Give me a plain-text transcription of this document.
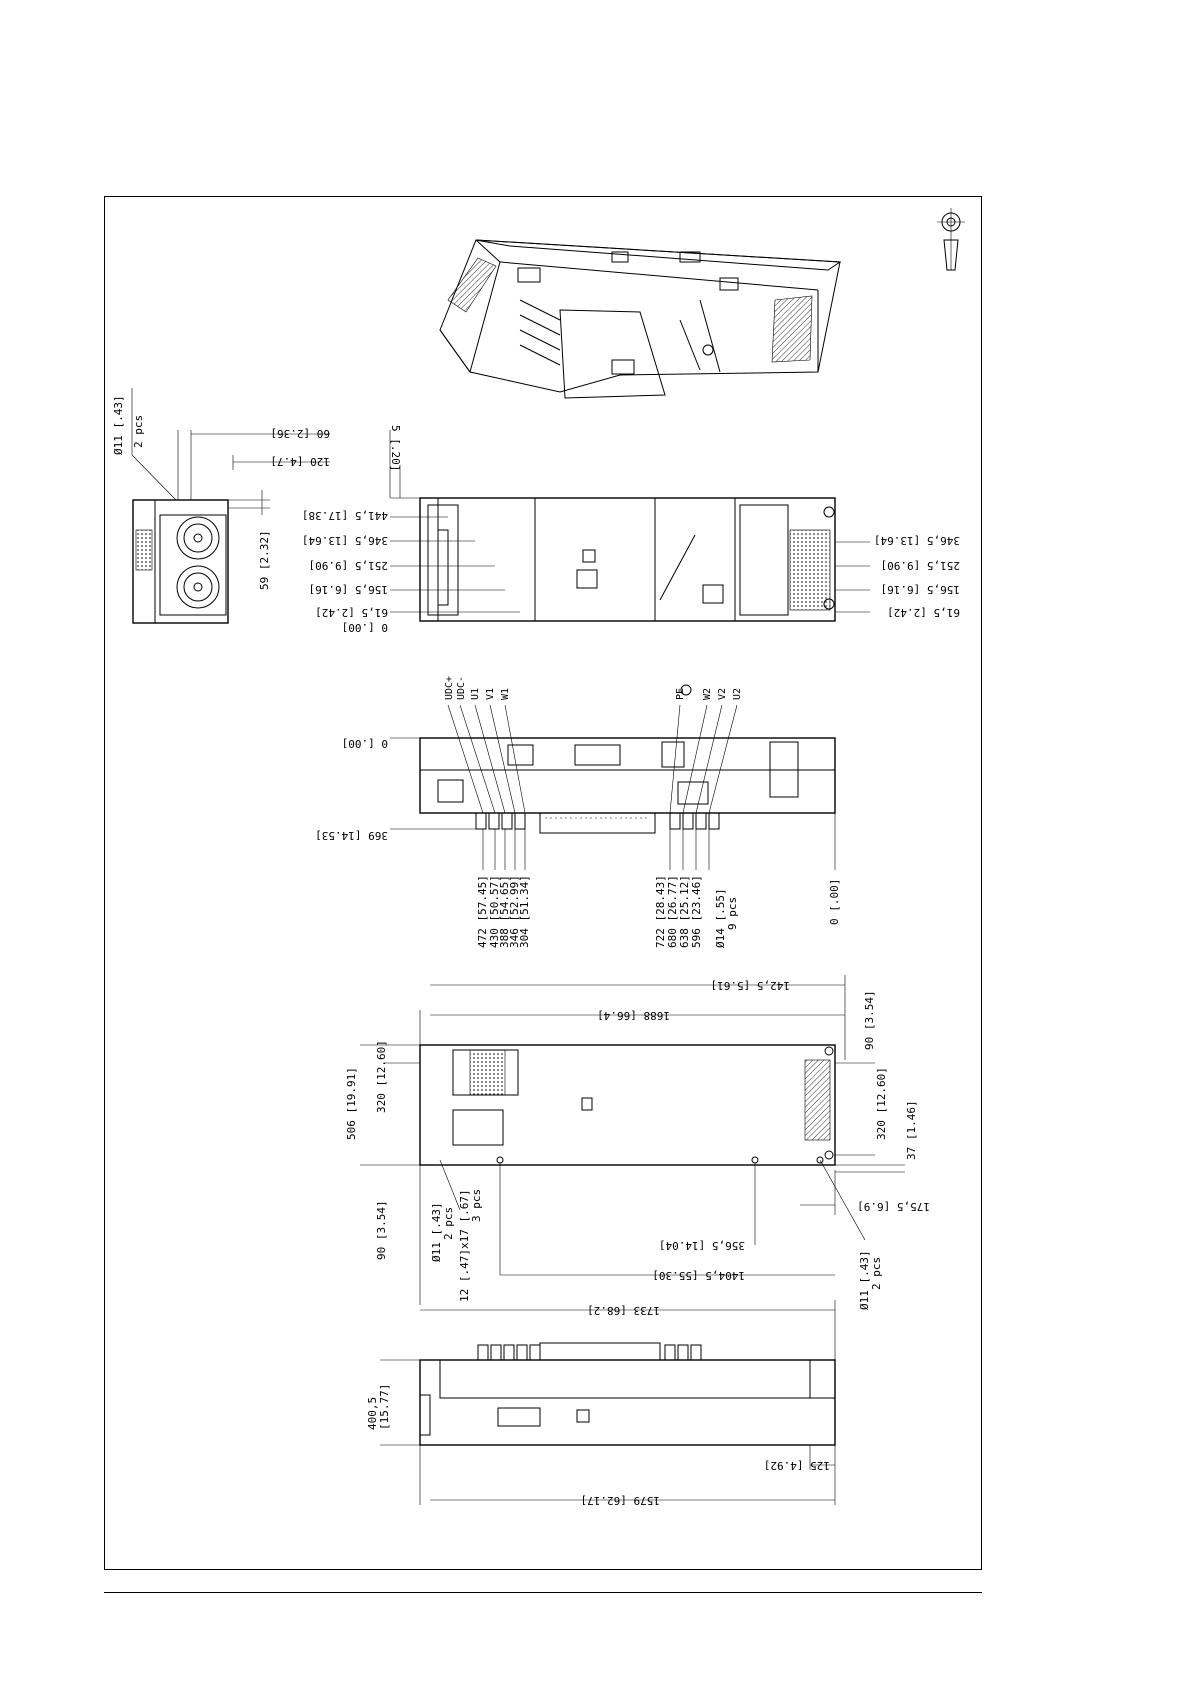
60 [2.36]
120 [4.7]
59 [2.32]
Ø11 [.43] 2 pcs	5 [.20]
441,5 [17.38]
346,5 [13.64]
251,5 [9.90]
156,5 [6.16]
61,5 [2.42]
0 [.00]
346,5 [13.64]
251,5 [9.90]
156,5 [6.16]
61,5 [2.42]
UDC+ UDC- U1 V1 W1	PE W2 V2 U2
0 [.00]
369 [14.53]
472 [57.45] 430 [50.57]
388 [54.65]
346 [52.99]
304 [51.34]	722 [28.43] 680 [26.77] 638 [25.12] 596 [23.46] Ø14 [.55] 9 pcs	0 [.00]
142,5 [5.61]
1688 [66.4]	90 [3.54]
320 [12.60]
506 [19.91]	320 [12.60] 37 [1.46]
90 [3.54]	175,5 [6.9]
Ø11 [.43] 2 pcs 12 [.47]x17 [.67] 3 pcs
356,5 [14.04]
1404,5 [55.30]	Ø11 [.43] 2 pcs
1733 [68.2]
400,5 [15.77]
125 [4.92]
1579 [62.17]
